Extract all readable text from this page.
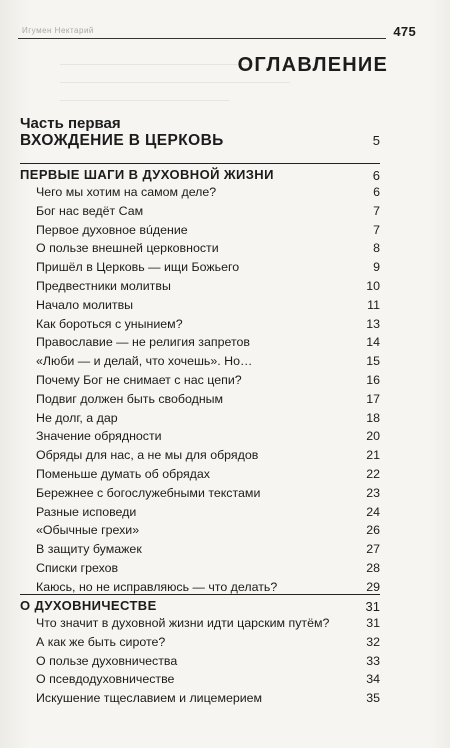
Игумен Нектарий	475
ОГЛАВЛЕНИЕ
Часть первая
ВХОЖДЕНИЕ В ЦЕРКОВЬ	5
ПЕРВЫЕ ШАГИ В ДУХОВНОЙ ЖИЗНИ	6
Чего мы хотим на самом деле?	6
Бог нас ведёт Сам	7
Первое духовное вúдение	7
О пользе внешней церковности	8
Пришёл в Церковь — ищи Божьего	9
Предвестники молитвы	10
Начало молитвы	11
Как бороться с унынием?	13
Православие — не религия запретов	14
«Люби — и делай, что хочешь». Но…	15
Почему Бог не снимает с нас цепи?	16
Подвиг должен быть свободным	17
Не долг, а дар	18
Значение обрядности	20
Обряды для нас, а не мы для обрядов	21
Поменьше думать об обрядах	22
Бережнее с богослужебными текстами	23
Разные исповеди	24
«Обычные грехи»	26
В защиту бумажек	27
Списки грехов	28
Каюсь, но не исправляюсь — что делать?	29
О ДУХОВНИЧЕСТВЕ	31
Что значит в духовной жизни идти царским путём?	31
А как же быть сироте?	32
О пользе духовничества	33
О псевдодуховничестве	34
Искушение тщеславием и лицемерием	35
